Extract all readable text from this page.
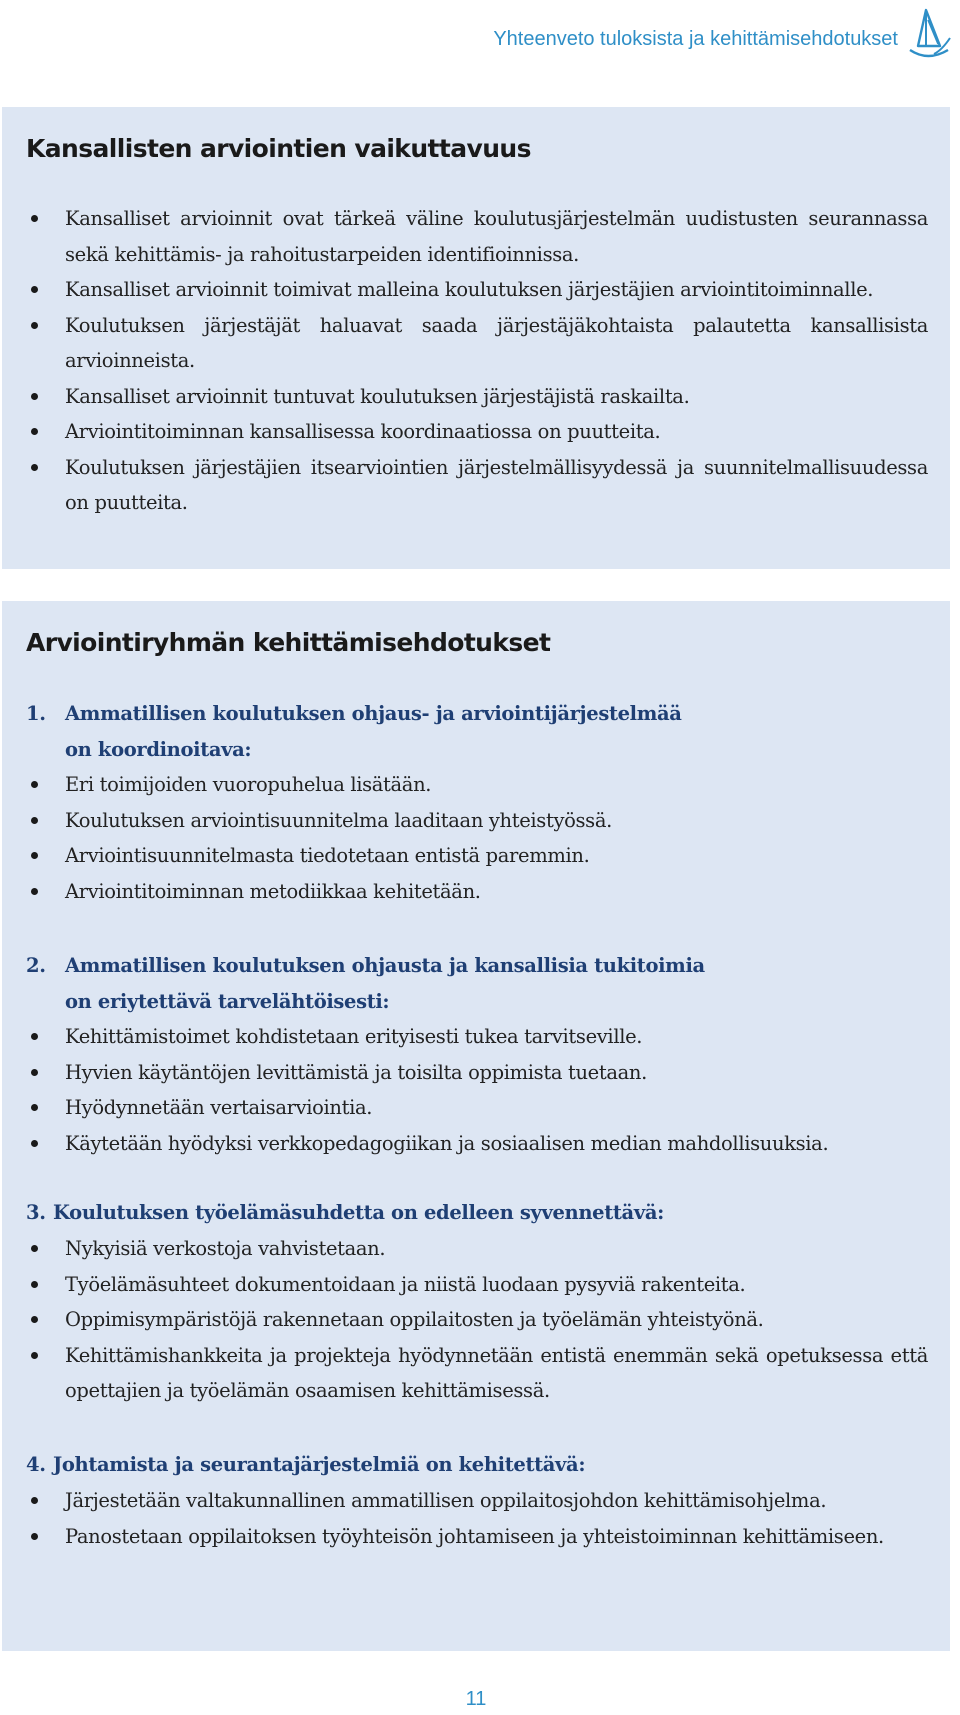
Yhteenveto tuloksista ja kehittämisehdotukset
Kansallisten arviointien vaikuttavuus
Kansalliset arvioinnit ovat tärkeä väline koulutusjärjestelmän uudistusten seurannassa sekä kehittämis- ja rahoitustarpeiden identifioinnissa.
Kansalliset arvioinnit toimivat malleina koulutuksen järjestäjien arviointitoiminnalle.
Koulutuksen järjestäjät haluavat saada järjestäjäkohtaista palautetta kansallisista arvioinneista.
Kansalliset arvioinnit tuntuvat koulutuksen järjestäjistä raskailta.
Arviointitoiminnan kansallisessa koordinaatiossa on puutteita.
Koulutuksen järjestäjien itsearviointien järjestelmällisyydessä ja suunnitelmallisuudessa on puutteita.
Arviointiryhmän kehittämisehdotukset
1. Ammatillisen koulutuksen ohjaus- ja arviointijärjestelmää
on koordinoitava:
Eri toimijoiden vuoropuhelua lisätään.
Koulutuksen arviointisuunnitelma laaditaan yhteistyössä.
Arviointisuunnitelmasta tiedotetaan entistä paremmin.
Arviointitoiminnan metodiikkaa kehitetään.
2. Ammatillisen koulutuksen ohjausta ja kansallisia tukitoimia
on eriytettävä tarvelähtöisesti:
Kehittämistoimet kohdistetaan erityisesti tukea tarvitseville.
Hyvien käytäntöjen levittämistä ja toisilta oppimista tuetaan.
Hyödynnetään vertaisarviointia.
Käytetään hyödyksi verkkopedagogiikan ja sosiaalisen median mahdollisuuksia.
3. Koulutuksen työelämäsuhdetta on edelleen syvennettävä:
Nykyisiä verkostoja vahvistetaan.
Työelämäsuhteet dokumentoidaan ja niistä luodaan pysyviä rakenteita.
Oppimisympäristöjä rakennetaan oppilaitosten ja työelämän yhteistyönä.
Kehittämishankkeita ja projekteja hyödynnetään entistä enemmän sekä opetuksessa että opettajien ja työelämän osaamisen kehittämisessä.
4. Johtamista ja seurantajärjestelmiä on kehitettävä:
Järjestetään valtakunnallinen ammatillisen oppilaitosjohdon kehittämisohjelma.
Panostetaan oppilaitoksen työyhteisön johtamiseen ja yhteistoiminnan kehittämiseen.
11
